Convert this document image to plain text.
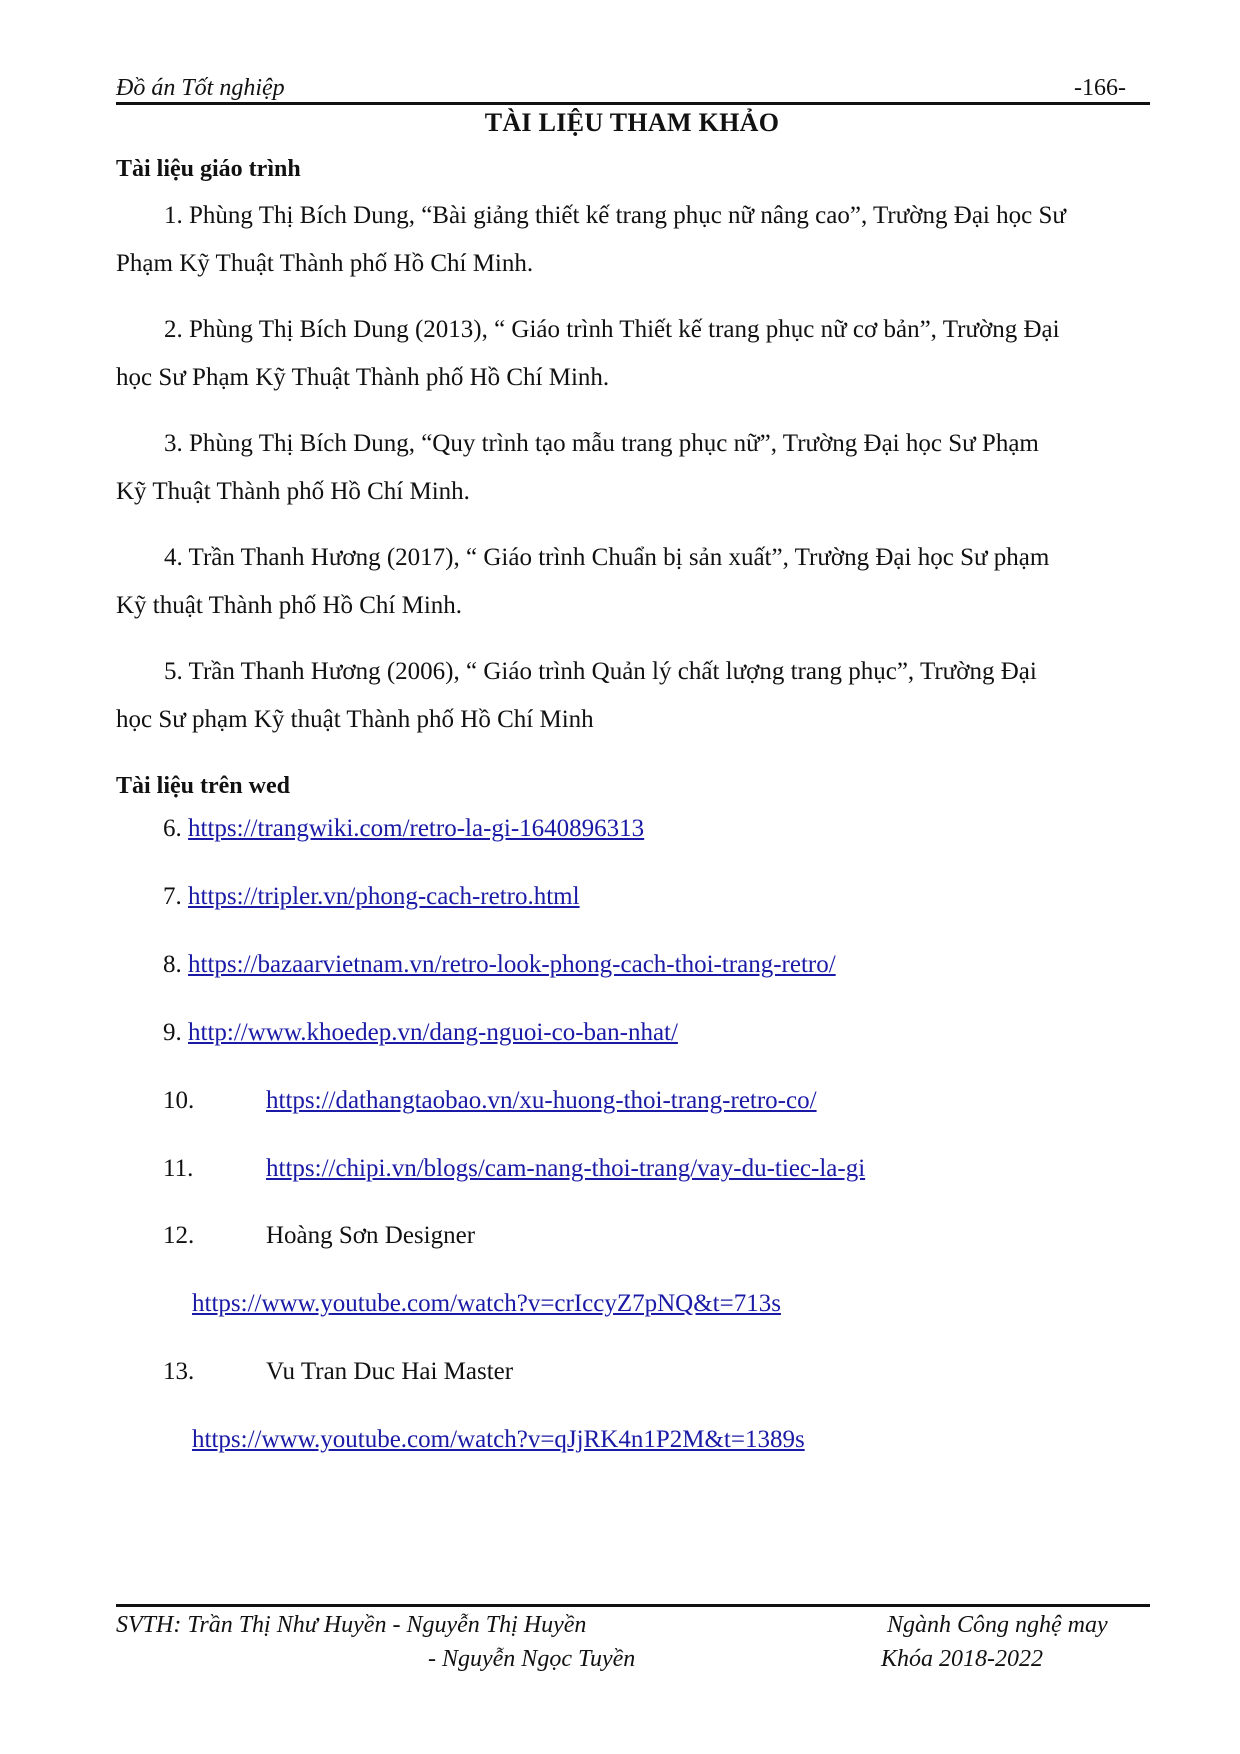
Đồ án Tốt nghiệp	-166-
TÀI LIỆU THAM KHẢO
Tài liệu giáo trình
1. Phùng Thị Bích Dung, “Bài giảng thiết kế trang phục nữ nâng cao”, Trường Đại học Sư
Phạm Kỹ Thuật Thành phố Hồ Chí Minh.
2. Phùng Thị Bích Dung (2013), “ Giáo trình Thiết kế trang phục nữ cơ bản”, Trường Đại
học Sư Phạm Kỹ Thuật Thành phố Hồ Chí Minh.
3. Phùng Thị Bích Dung, “Quy trình tạo mẫu trang phục nữ”, Trường Đại học Sư Phạm
Kỹ Thuật Thành phố Hồ Chí Minh.
4. Trần Thanh Hương (2017), “ Giáo trình Chuẩn bị sản xuất”, Trường Đại học Sư phạm
Kỹ thuật Thành phố Hồ Chí Minh.
5. Trần Thanh Hương (2006), “ Giáo trình Quản lý chất lượng trang phục”, Trường Đại
học Sư phạm Kỹ thuật Thành phố Hồ Chí Minh
Tài liệu trên wed
6. https://trangwiki.com/retro-la-gi-1640896313
7. https://tripler.vn/phong-cach-retro.html
8. https://bazaarvietnam.vn/retro-look-phong-cach-thoi-trang-retro/
9. http://www.khoedep.vn/dang-nguoi-co-ban-nhat/
10.	https://dathangtaobao.vn/xu-huong-thoi-trang-retro-co/
11.	https://chipi.vn/blogs/cam-nang-thoi-trang/vay-du-tiec-la-gi
12.	Hoàng Sơn Designer
https://www.youtube.com/watch?v=crIccyZ7pNQ&t=713s
13.	Vu Tran Duc Hai Master
https://www.youtube.com/watch?v=qJjRK4n1P2M&t=1389s
SVTH: Trần Thị Như Huyền - Nguyễn Thị Huyền
- Nguyễn Ngọc Tuyền
Ngành Công nghệ may
Khóa 2018-2022
